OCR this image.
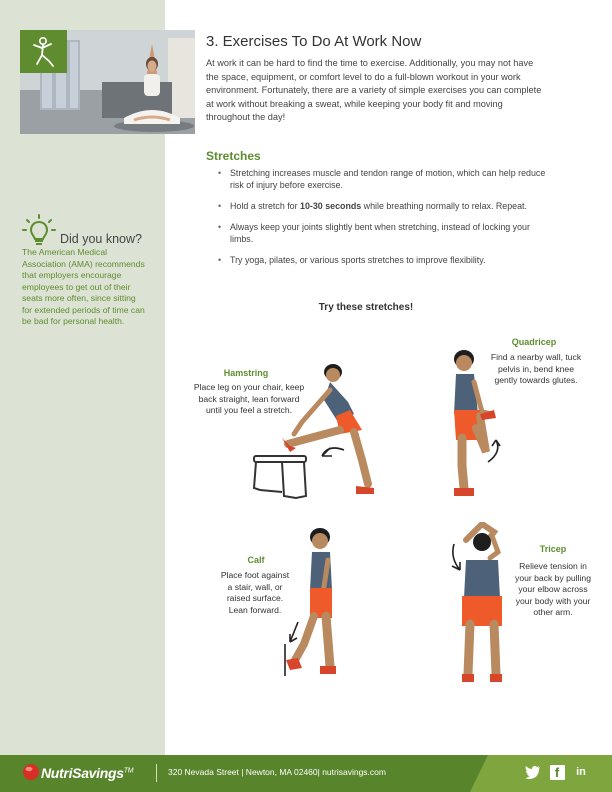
3. Exercises To Do At Work Now

At work it can be hard to find the time to exercise. Additionally, you may not have the space, equipment, or comfort level to do a full-blown workout in your work environment. Fortunately, there are a variety of simple exercises you can complete at work without breaking a sweat, while keeping your body fit and moving throughout the day!

Stretches
• Stretching increases muscle and tendon range of motion, which can help reduce risk of injury before exercise.
• Hold a stretch for 10-30 seconds while breathing normally to relax. Repeat.
• Always keep your joints slightly bent when stretching, instead of locking your limbs.
• Try yoga, pilates, or various sports stretches to improve flexibility.

Try these stretches!

Hamstring

Place leg on your chair, keep back straight, lean forward until you feel a stretch.

Quadricep

Find a nearby wall, tuck pelvis in, bend knee gently towards glutes.

Calf

Place foot against a stair, wall, or raised surface. Lean forward.

Tricep

Relieve tension in your back by pulling your elbow across your body with your other arm.

Did you know?

The American Medical Association (AMA) recommends that employers encourage employees to get out of their seats more often, since sitting for extended periods of time can be bad for personal health.

NutriSavings™	320 Nevada Street | Newton, MA 02460| nutrisavings.com	f	in
